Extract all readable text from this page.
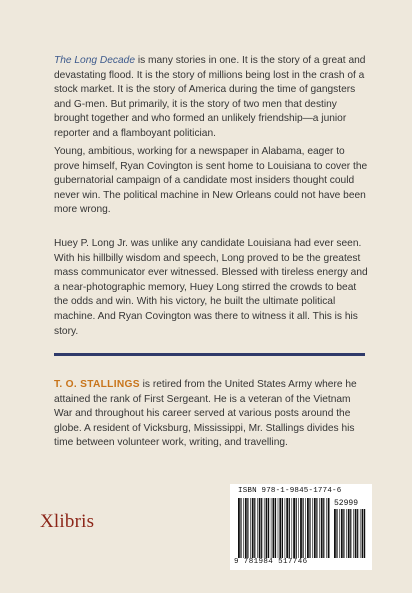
The Long Decade is many stories in one. It is the story of a great and devastating flood. It is the story of millions being lost in the crash of a stock market. It is the story of America during the time of gangsters and G-men. But primarily, it is the story of two men that destiny brought together and who formed an unlikely friendship—a junior reporter and a flamboyant politician.

Young, ambitious, working for a newspaper in Alabama, eager to prove himself, Ryan Covington is sent home to Louisiana to cover the gubernatorial campaign of a candidate most insiders thought could never win. The political machine in New Orleans could not have been more wrong.

Huey P. Long Jr. was unlike any candidate Louisiana had ever seen. With his hillbilly wisdom and speech, Long proved to be the greatest mass communicator ever witnessed. Blessed with tireless energy and a near-photographic memory, Huey Long stirred the crowds to beat the odds and win. With his victory, he built the ultimate political machine. And Ryan Covington was there to witness it all. This is his story.

T. O. STALLINGS is retired from the United States Army where he attained the rank of First Sergeant. He is a veteran of the Vietnam War and throughout his career served at various posts around the globe. A resident of Vicksburg, Mississippi, Mr. Stallings divides his time between volunteer work, writing, and travelling.

Xlibris
ISBN 978-1-9845-1774-6
52999
9 781984 517746
